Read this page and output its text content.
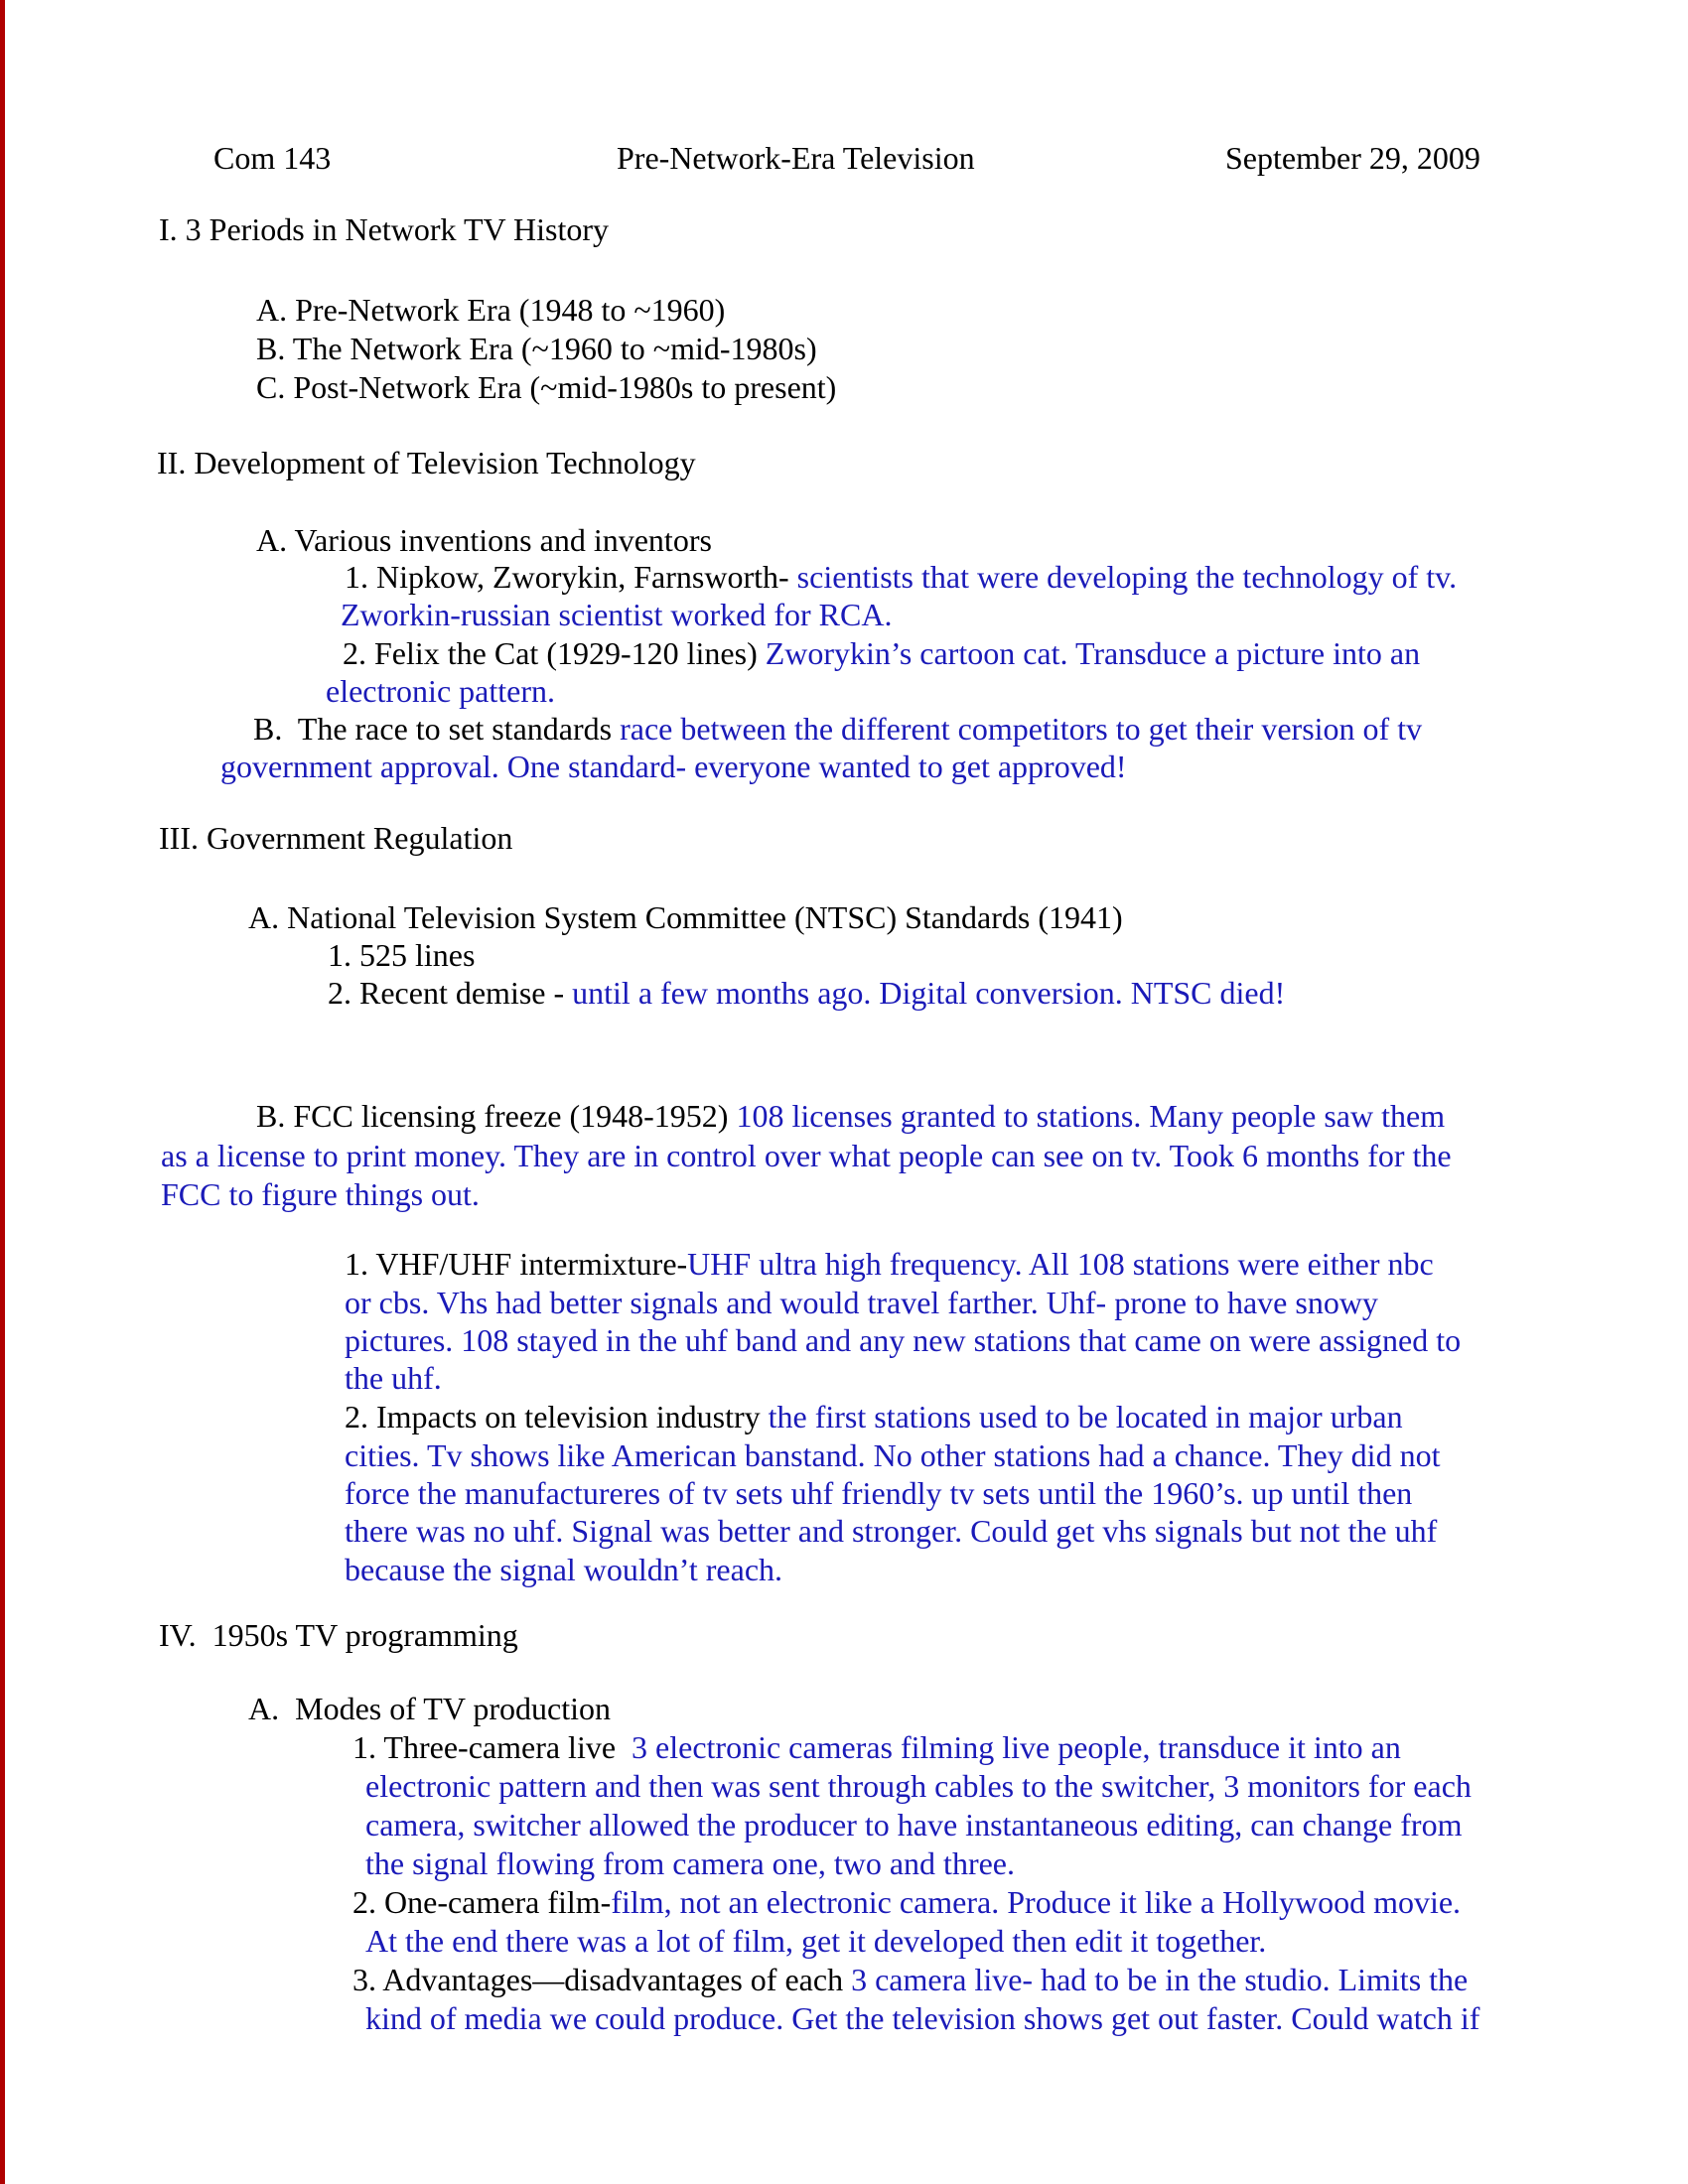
Com 143	Pre-Network-Era Television	September 29, 2009
I. 3 Periods in Network TV History
A. Pre-Network Era (1948 to ~1960)
B. The Network Era (~1960 to ~mid-1980s)
C. Post-Network Era (~mid-1980s to present)
II. Development of Television Technology
A. Various inventions and inventors
1. Nipkow, Zworykin, Farnsworth- scientists that were developing the technology of tv.
Zworkin-russian scientist worked for RCA.
2. Felix the Cat (1929-120 lines) Zworykin’s cartoon cat. Transduce a picture into an
electronic pattern.
B.  The race to set standards race between the different competitors to get their version of tv
government approval. One standard- everyone wanted to get approved!
III. Government Regulation
A. National Television System Committee (NTSC) Standards (1941)
1. 525 lines
2. Recent demise - until a few months ago. Digital conversion. NTSC died!
B. FCC licensing freeze (1948-1952) 108 licenses granted to stations. Many people saw them
as a license to print money. They are in control over what people can see on tv. Took 6 months for the
FCC to figure things out.
1. VHF/UHF intermixture-UHF ultra high frequency. All 108 stations were either nbc
or cbs. Vhs had better signals and would travel farther. Uhf- prone to have snowy
pictures. 108 stayed in the uhf band and any new stations that came on were assigned to
the uhf.
2. Impacts on television industry the first stations used to be located in major urban
cities. Tv shows like American banstand. No other stations had a chance. They did not
force the manufactureres of tv sets uhf friendly tv sets until the 1960’s. up until then
there was no uhf. Signal was better and stronger. Could get vhs signals but not the uhf
because the signal wouldn’t reach.
IV.  1950s TV programming
A.  Modes of TV production
1. Three-camera live  3 electronic cameras filming live people, transduce it into an
electronic pattern and then was sent through cables to the switcher, 3 monitors for each
camera, switcher allowed the producer to have instantaneous editing, can change from
the signal flowing from camera one, two and three.
2. One-camera film-film, not an electronic camera. Produce it like a Hollywood movie.
At the end there was a lot of film, get it developed then edit it together.
3. Advantages—disadvantages of each 3 camera live- had to be in the studio. Limits the
kind of media we could produce. Get the television shows get out faster. Could watch if
